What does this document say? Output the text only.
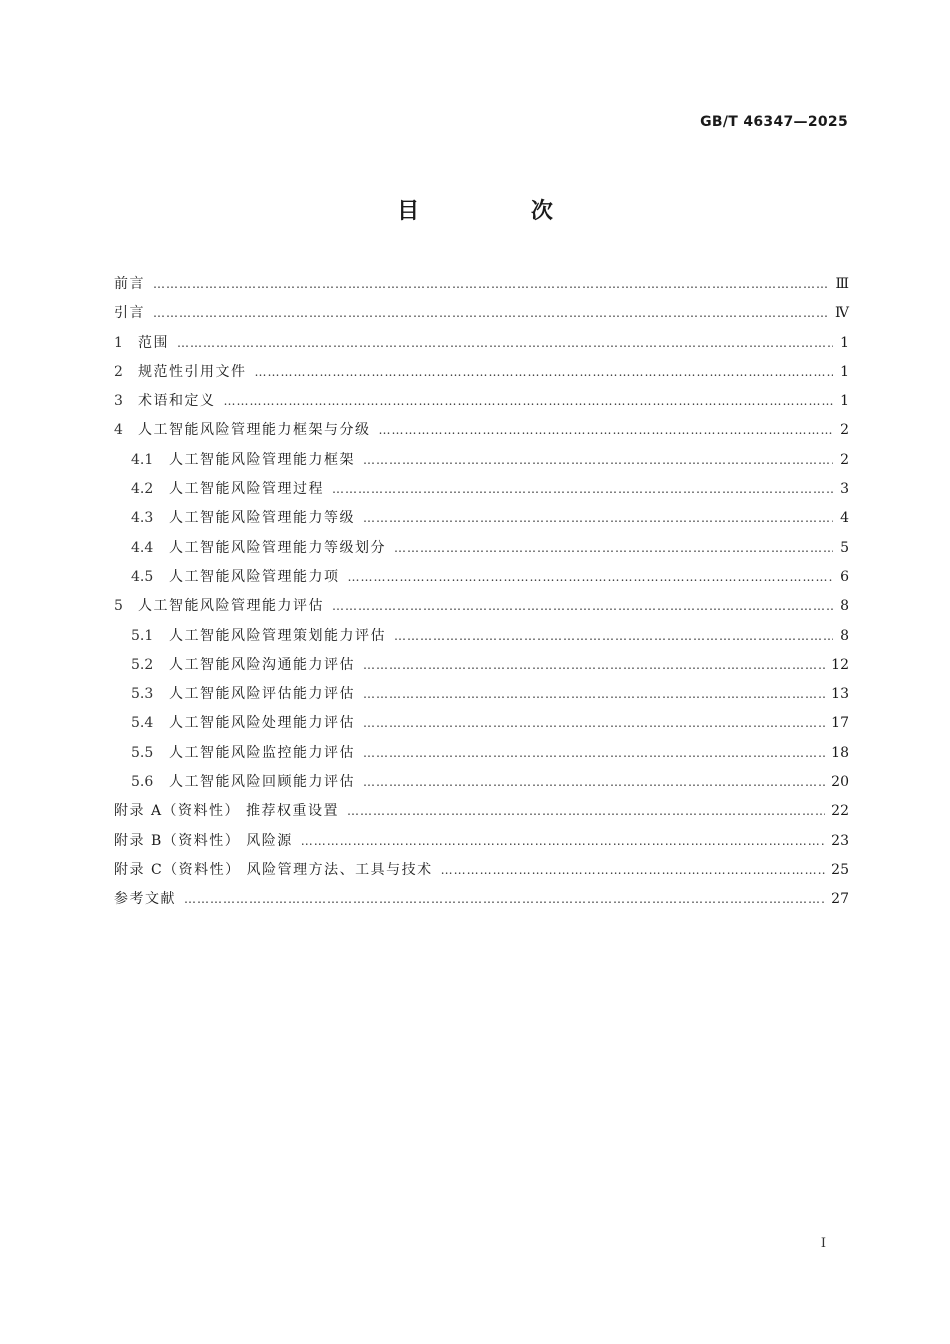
GB/T 46347—2025
目 次
前言 ……………………………………………………………………………………………………………………………………………………………………………………………………………………	Ⅲ
引言 ……………………………………………………………………………………………………………………………………………………………………………………………………………………	Ⅳ
1	范围 ……………………………………………………………………………………………………………………………………………………………………………………………………………………	1
2	规范性引用文件 ……………………………………………………………………………………………………………………………………………………………………………………………………………………	1
3	术语和定义 ……………………………………………………………………………………………………………………………………………………………………………………………………………………	1
4	人工智能风险管理能力框架与分级 ……………………………………………………………………………………………………………………………………………………………………………………………………………………	2
4.1	人工智能风险管理能力框架 ……………………………………………………………………………………………………………………………………………………………………………………………………………………	2
4.2	人工智能风险管理过程 ……………………………………………………………………………………………………………………………………………………………………………………………………………………	3
4.3	人工智能风险管理能力等级 ……………………………………………………………………………………………………………………………………………………………………………………………………………………	4
4.4	人工智能风险管理能力等级划分 ……………………………………………………………………………………………………………………………………………………………………………………………………………………	5
4.5	人工智能风险管理能力项 ……………………………………………………………………………………………………………………………………………………………………………………………………………………	6
5	人工智能风险管理能力评估 ……………………………………………………………………………………………………………………………………………………………………………………………………………………	8
5.1	人工智能风险管理策划能力评估 ……………………………………………………………………………………………………………………………………………………………………………………………………………………	8
5.2	人工智能风险沟通能力评估 ……………………………………………………………………………………………………………………………………………………………………………………………………………………	12
5.3	人工智能风险评估能力评估 ……………………………………………………………………………………………………………………………………………………………………………………………………………………	13
5.4	人工智能风险处理能力评估 ……………………………………………………………………………………………………………………………………………………………………………………………………………………	17
5.5	人工智能风险监控能力评估 ……………………………………………………………………………………………………………………………………………………………………………………………………………………	18
5.6	人工智能风险回顾能力评估 ……………………………………………………………………………………………………………………………………………………………………………………………………………………	20
附录 A（资料性） 推荐权重设置 ……………………………………………………………………………………………………………………………………………………………………………………………………………………	22
附录 B（资料性） 风险源 ……………………………………………………………………………………………………………………………………………………………………………………………………………………	23
附录 C（资料性） 风险管理方法、工具与技术 ……………………………………………………………………………………………………………………………………………………………………………………………………………………	25
参考文献 ……………………………………………………………………………………………………………………………………………………………………………………………………………………	27
I
